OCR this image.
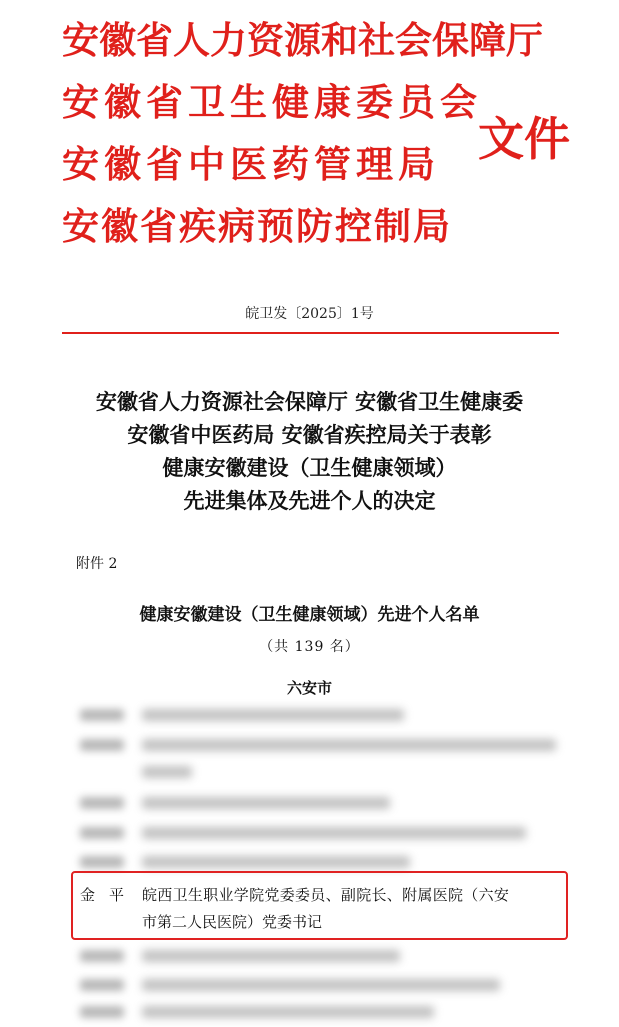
安徽省人力资源和社会保障厅
安徽省卫生健康委员会
安徽省中医药管理局
安徽省疾病预防控制局
文件
皖卫发〔2025〕1号
安徽省人力资源社会保障厅 安徽省卫生健康委
安徽省中医药局 安徽省疾控局关于表彰
健康安徽建设（卫生健康领域）
先进集体及先进个人的决定
附件 2
健康安徽建设（卫生健康领域）先进个人名单
（共 139 名）
六安市
金平 皖西卫生职业学院党委委员、副院长、附属医院（六安
市第二人民医院）党委书记
